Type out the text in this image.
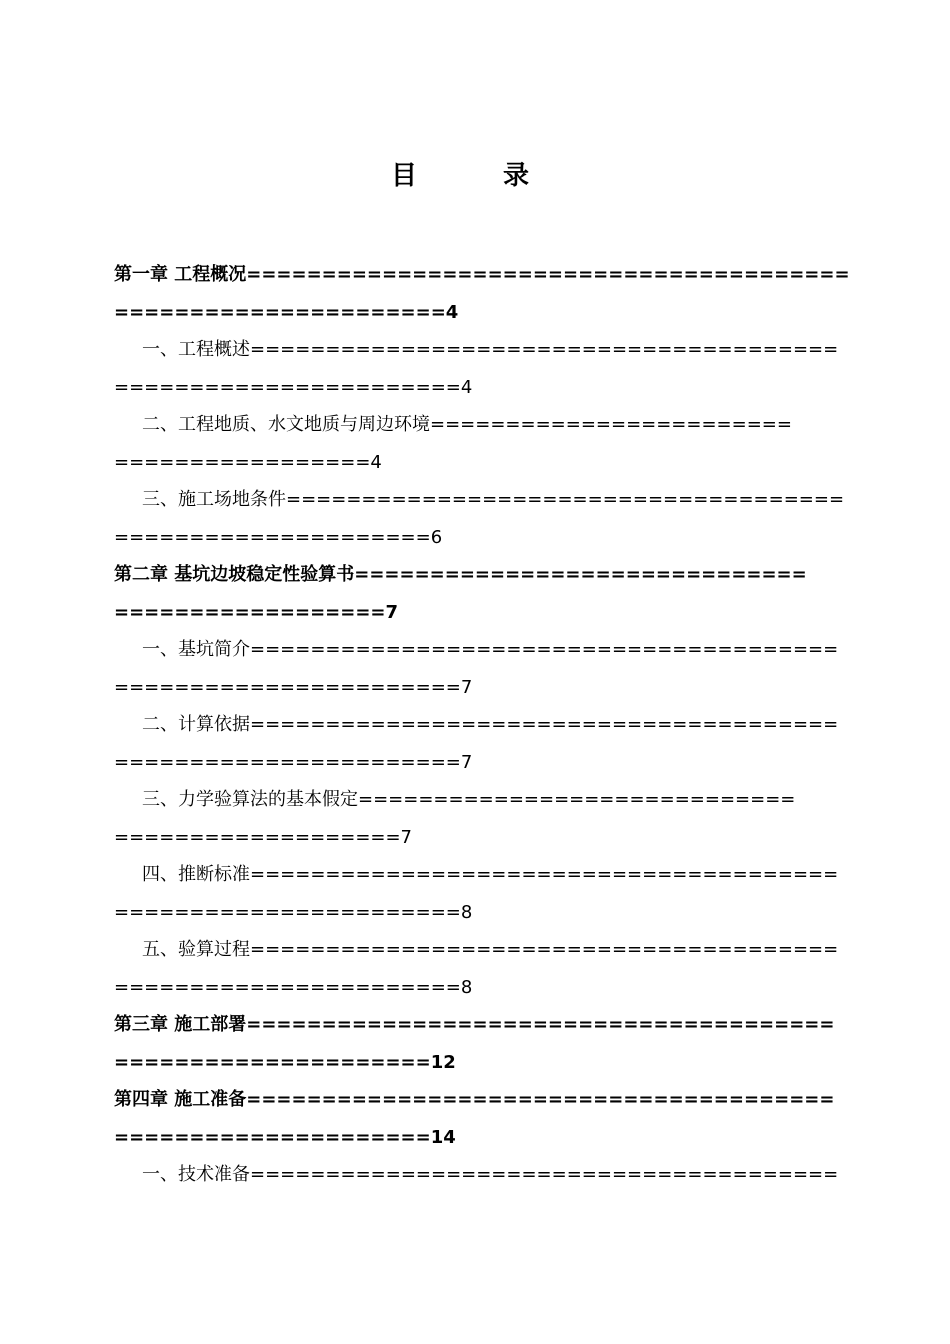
目　录
第一章 工程概况========================================
======================4
一、工程概述=======================================
=======================4
二、工程地质、水文地质与周边环境========================
=================4
三、施工场地条件=====================================
=====================6
第二章 基坑边坡稳定性验算书==============================
==================7
一、基坑简介=======================================
=======================7
二、计算依据=======================================
=======================7
三、力学验算法的基本假定=============================
===================7
四、推断标准=======================================
=======================8
五、验算过程=======================================
=======================8
第三章 施工部署=======================================
=====================12
第四章 施工准备=======================================
=====================14
一、技术准备=======================================
